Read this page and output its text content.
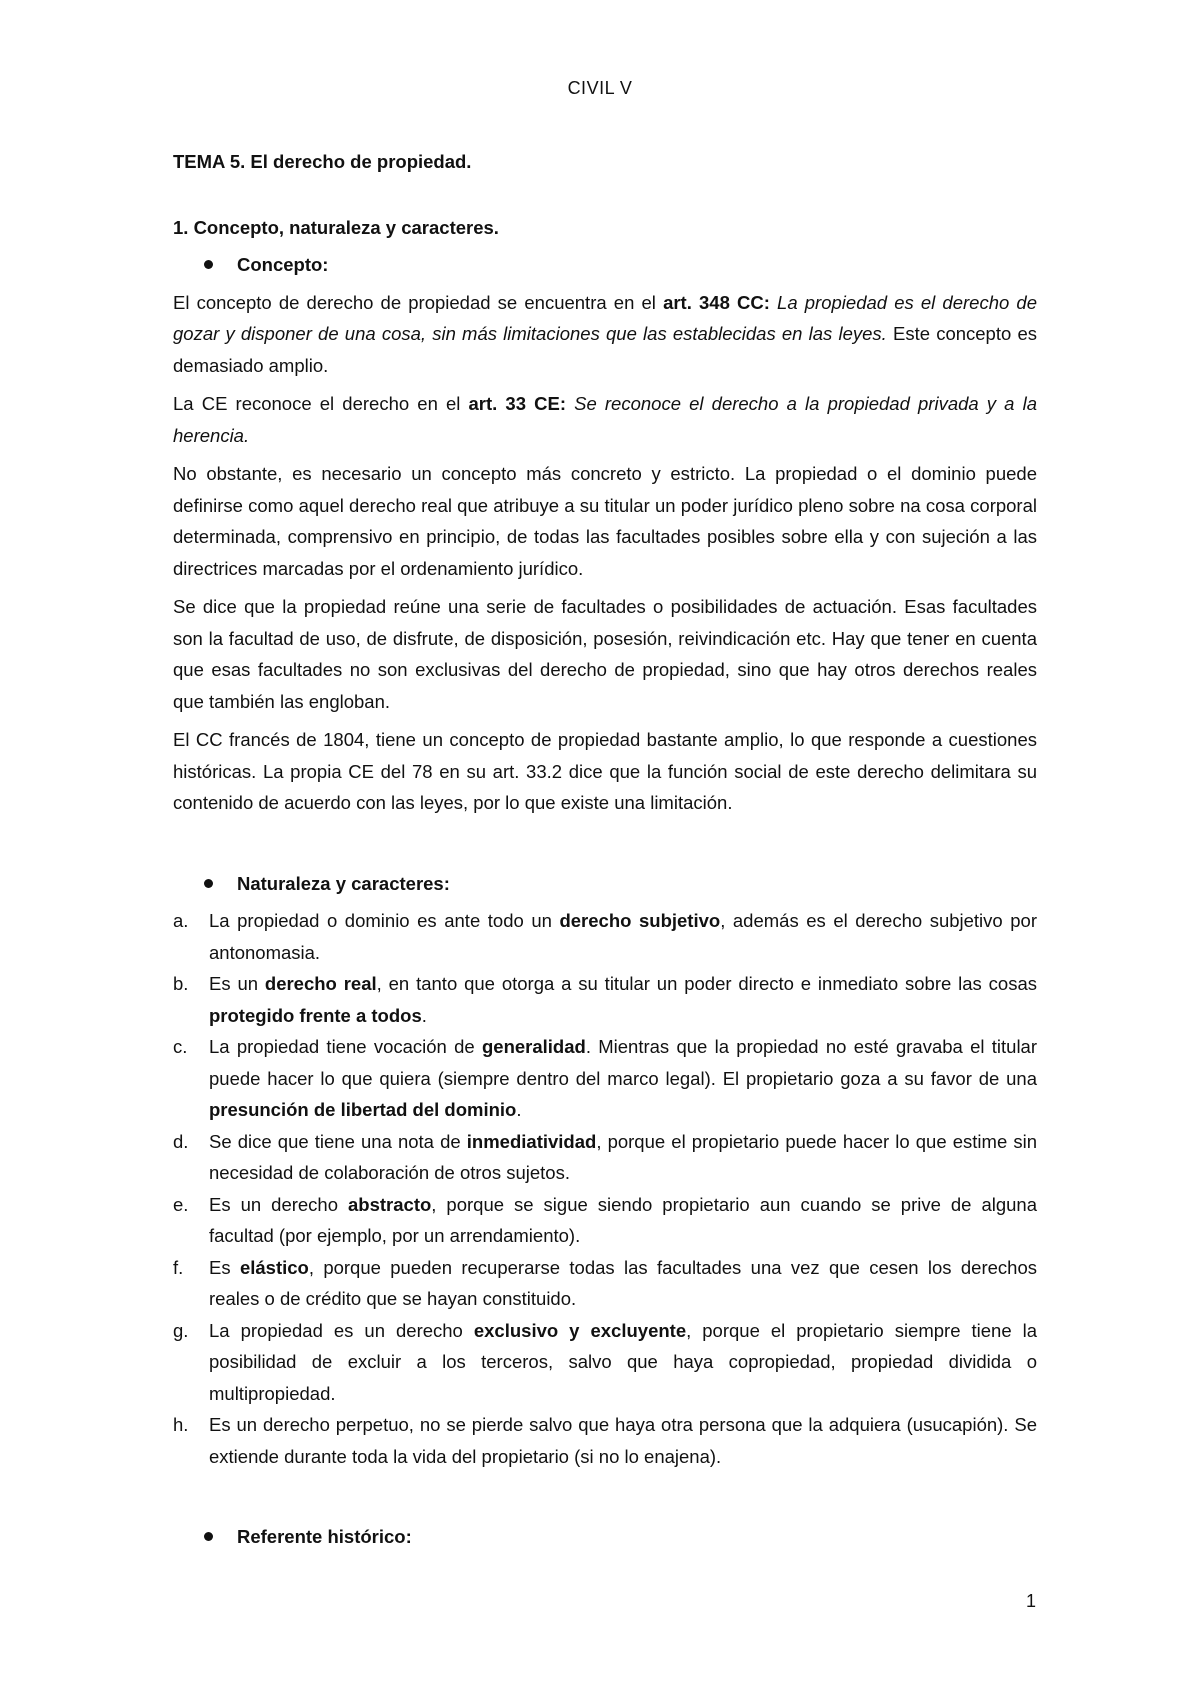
CIVIL V
TEMA 5. El derecho de propiedad.
1. Concepto, naturaleza y caracteres.
Concepto:

El concepto de derecho de propiedad se encuentra en el art. 348 CC: La propiedad es el derecho de gozar y disponer de una cosa, sin más limitaciones que las establecidas en las leyes. Este concepto es demasiado amplio.

La CE reconoce el derecho en el art. 33 CE: Se reconoce el derecho a la propiedad privada y a la herencia.

No obstante, es necesario un concepto más concreto y estricto. La propiedad o el dominio puede definirse como aquel derecho real que atribuye a su titular un poder jurídico pleno sobre na cosa corporal determinada, comprensivo en principio, de todas las facultades posibles sobre ella y con sujeción a las directrices marcadas por el ordenamiento jurídico.

Se dice que la propiedad reúne una serie de facultades o posibilidades de actuación. Esas facultades son la facultad de uso, de disfrute, de disposición, posesión, reivindicación etc. Hay que tener en cuenta que esas facultades no son exclusivas del derecho de propiedad, sino que hay otros derechos reales que también las engloban.

El CC francés de 1804, tiene un concepto de propiedad bastante amplio, lo que responde a cuestiones históricas. La propia CE del 78 en su art. 33.2 dice que la función social de este derecho delimitara su contenido de acuerdo con las leyes, por lo que existe una limitación.

Naturaleza y caracteres:
a.	La propiedad o dominio es ante todo un derecho subjetivo, además es el derecho subjetivo por antonomasia.
b.	Es un derecho real, en tanto que otorga a su titular un poder directo e inmediato sobre las cosas protegido frente a todos.
c.	La propiedad tiene vocación de generalidad. Mientras que la propiedad no esté gravaba el titular puede hacer lo que quiera (siempre dentro del marco legal). El propietario goza a su favor de una presunción de libertad del dominio.
d.	Se dice que tiene una nota de inmediatividad, porque el propietario puede hacer lo que estime sin necesidad de colaboración de otros sujetos.
e.	Es un derecho abstracto, porque se sigue siendo propietario aun cuando se prive de alguna facultad (por ejemplo, por un arrendamiento).
f.	Es elástico, porque pueden recuperarse todas las facultades una vez que cesen los derechos reales o de crédito que se hayan constituido.
g.	La propiedad es un derecho exclusivo y excluyente, porque el propietario siempre tiene la posibilidad de excluir a los terceros, salvo que haya copropiedad, propiedad dividida o multipropiedad.
h.	Es un derecho perpetuo, no se pierde salvo que haya otra persona que la adquiera (usucapión). Se extiende durante toda la vida del propietario (si no lo enajena).
Referente histórico:
1
